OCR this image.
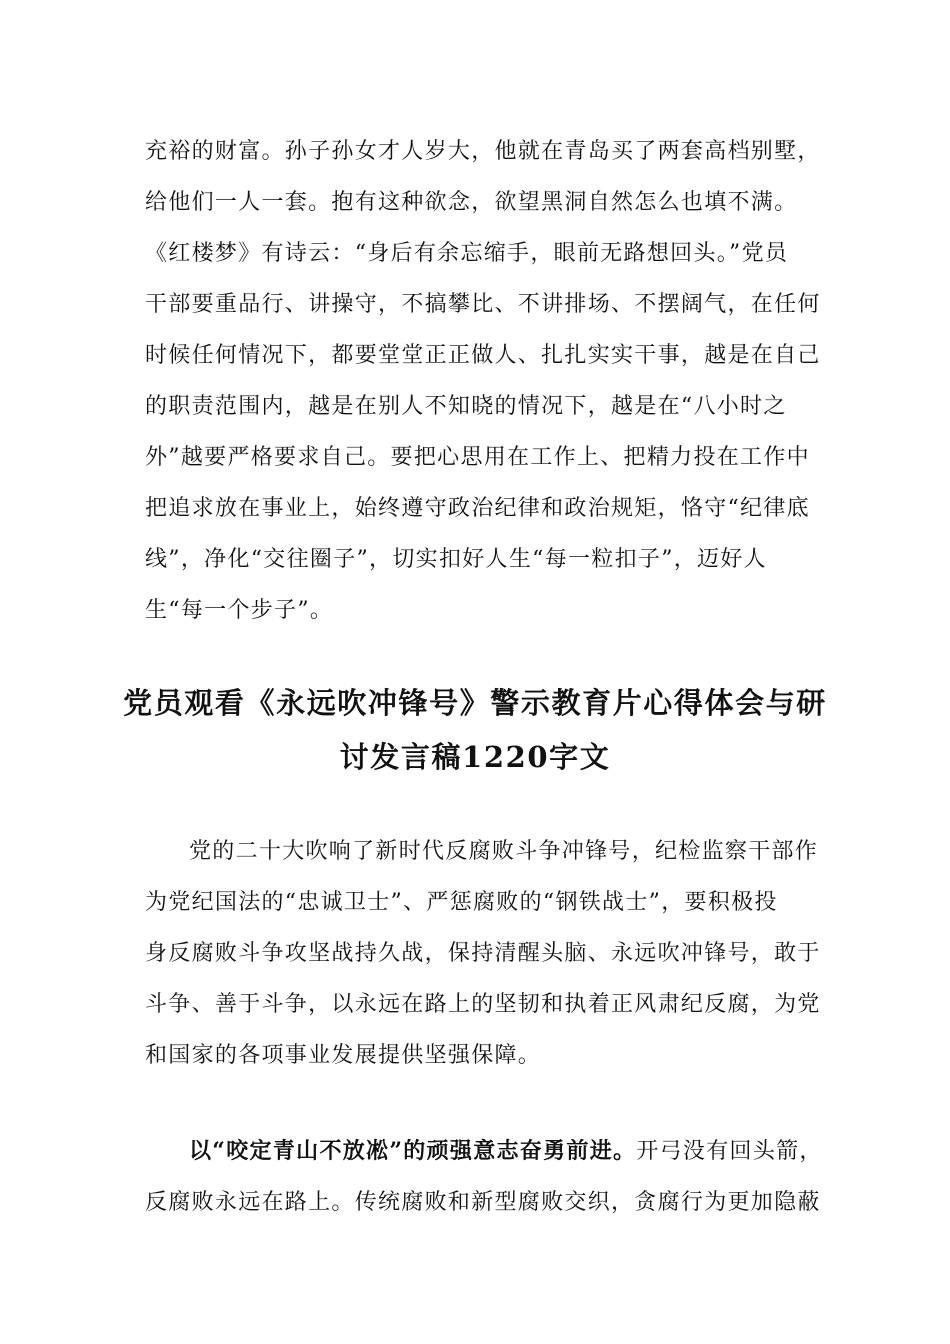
充裕的财富。孙子孙女才人岁大，他就在青岛买了两套高档别墅，
给他们一人一套。抱有这种欲念，欲望黑洞自然怎么也填不满。
《红楼梦》有诗云：“身后有余忘缩手，眼前无路想回头。”党员
干部要重品行、讲操守，不搞攀比、不讲排场、不摆阔气，在任何
时候任何情况下，都要堂堂正正做人、扎扎实实干事，越是在自己
的职责范围内，越是在别人不知晓的情况下，越是在“八小时之
外”越要严格要求自己。要把心思用在工作上、把精力投在工作中
把追求放在事业上，始终遵守政治纪律和政治规矩，恪守“纪律底
线”，净化“交往圈子”，切实扣好人生“每一粒扣子”，迈好人
生“每一个步子”。
党员观看《永远吹冲锋号》警示教育片心得体会与研
讨发言稿1220字文
党的二十大吹响了新时代反腐败斗争冲锋号，纪检监察干部作
为党纪国法的“忠诚卫士”、严惩腐败的“钢铁战士”，要积极投
身反腐败斗争攻坚战持久战，保持清醒头脑、永远吹冲锋号，敢于
斗争、善于斗争，以永远在路上的坚韧和执着正风肃纪反腐，为党
和国家的各项事业发展提供坚强保障。
以“咬定青山不放凇”的顽强意志奋勇前进。开弓没有回头箭，
反腐败永远在路上。传统腐败和新型腐败交织，贪腐行为更加隐蔽
